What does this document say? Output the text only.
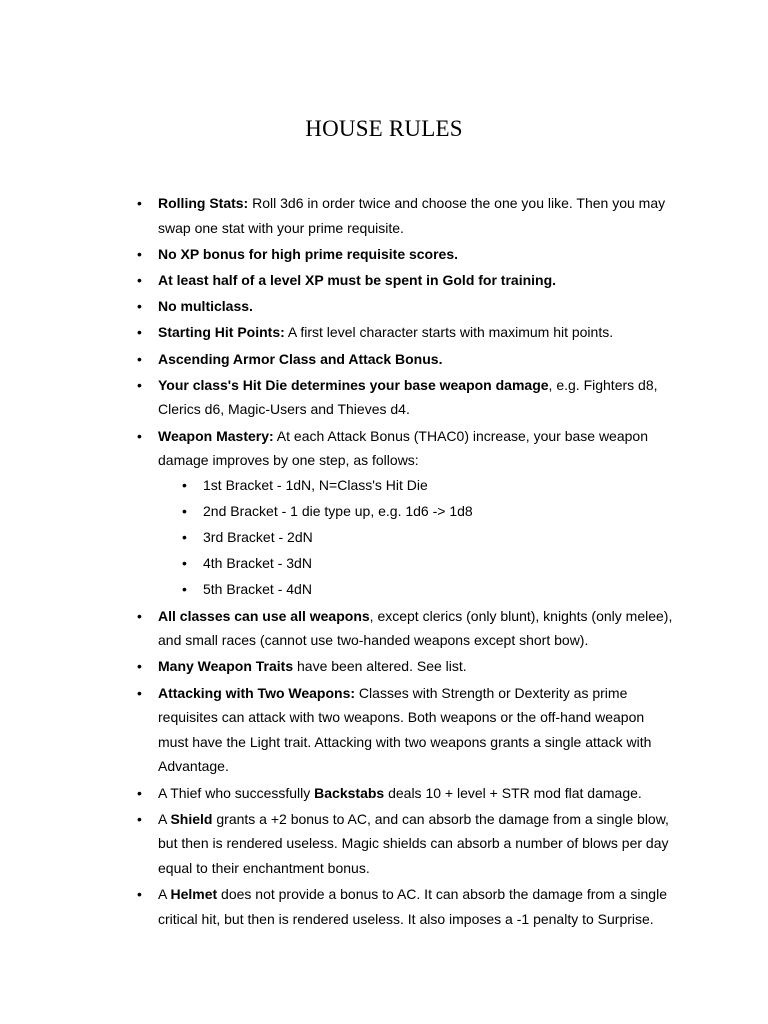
HOUSE RULES
•	Rolling Stats: Roll 3d6 in order twice and choose the one you like. Then you may swap one stat with your prime requisite.
•	No XP bonus for high prime requisite scores.
•	At least half of a level XP must be spent in Gold for training.
•	No multiclass.
•	Starting Hit Points: A first level character starts with maximum hit points.
•	Ascending Armor Class and Attack Bonus.
•	Your class's Hit Die determines your base weapon damage, e.g. Fighters d8, Clerics d6, Magic-Users and Thieves d4.
•	Weapon Mastery: At each Attack Bonus (THAC0) increase, your base weapon damage improves by one step, as follows:
•	1st Bracket - 1dN, N=Class's Hit Die
•	2nd Bracket - 1 die type up, e.g. 1d6 -> 1d8
•	3rd Bracket - 2dN
•	4th Bracket - 3dN
•	5th Bracket - 4dN
•	All classes can use all weapons, except clerics (only blunt), knights (only melee), and small races (cannot use two-handed weapons except short bow).
•	Many Weapon Traits have been altered. See list.
•	Attacking with Two Weapons: Classes with Strength or Dexterity as prime requisites can attack with two weapons. Both weapons or the off-hand weapon must have the Light trait. Attacking with two weapons grants a single attack with Advantage.
•	A Thief who successfully Backstabs deals 10 + level + STR mod flat damage.
•	A Shield grants a +2 bonus to AC, and can absorb the damage from a single blow, but then is rendered useless. Magic shields can absorb a number of blows per day equal to their enchantment bonus.
•	A Helmet does not provide a bonus to AC. It can absorb the damage from a single critical hit, but then is rendered useless. It also imposes a -1 penalty to Surprise.
